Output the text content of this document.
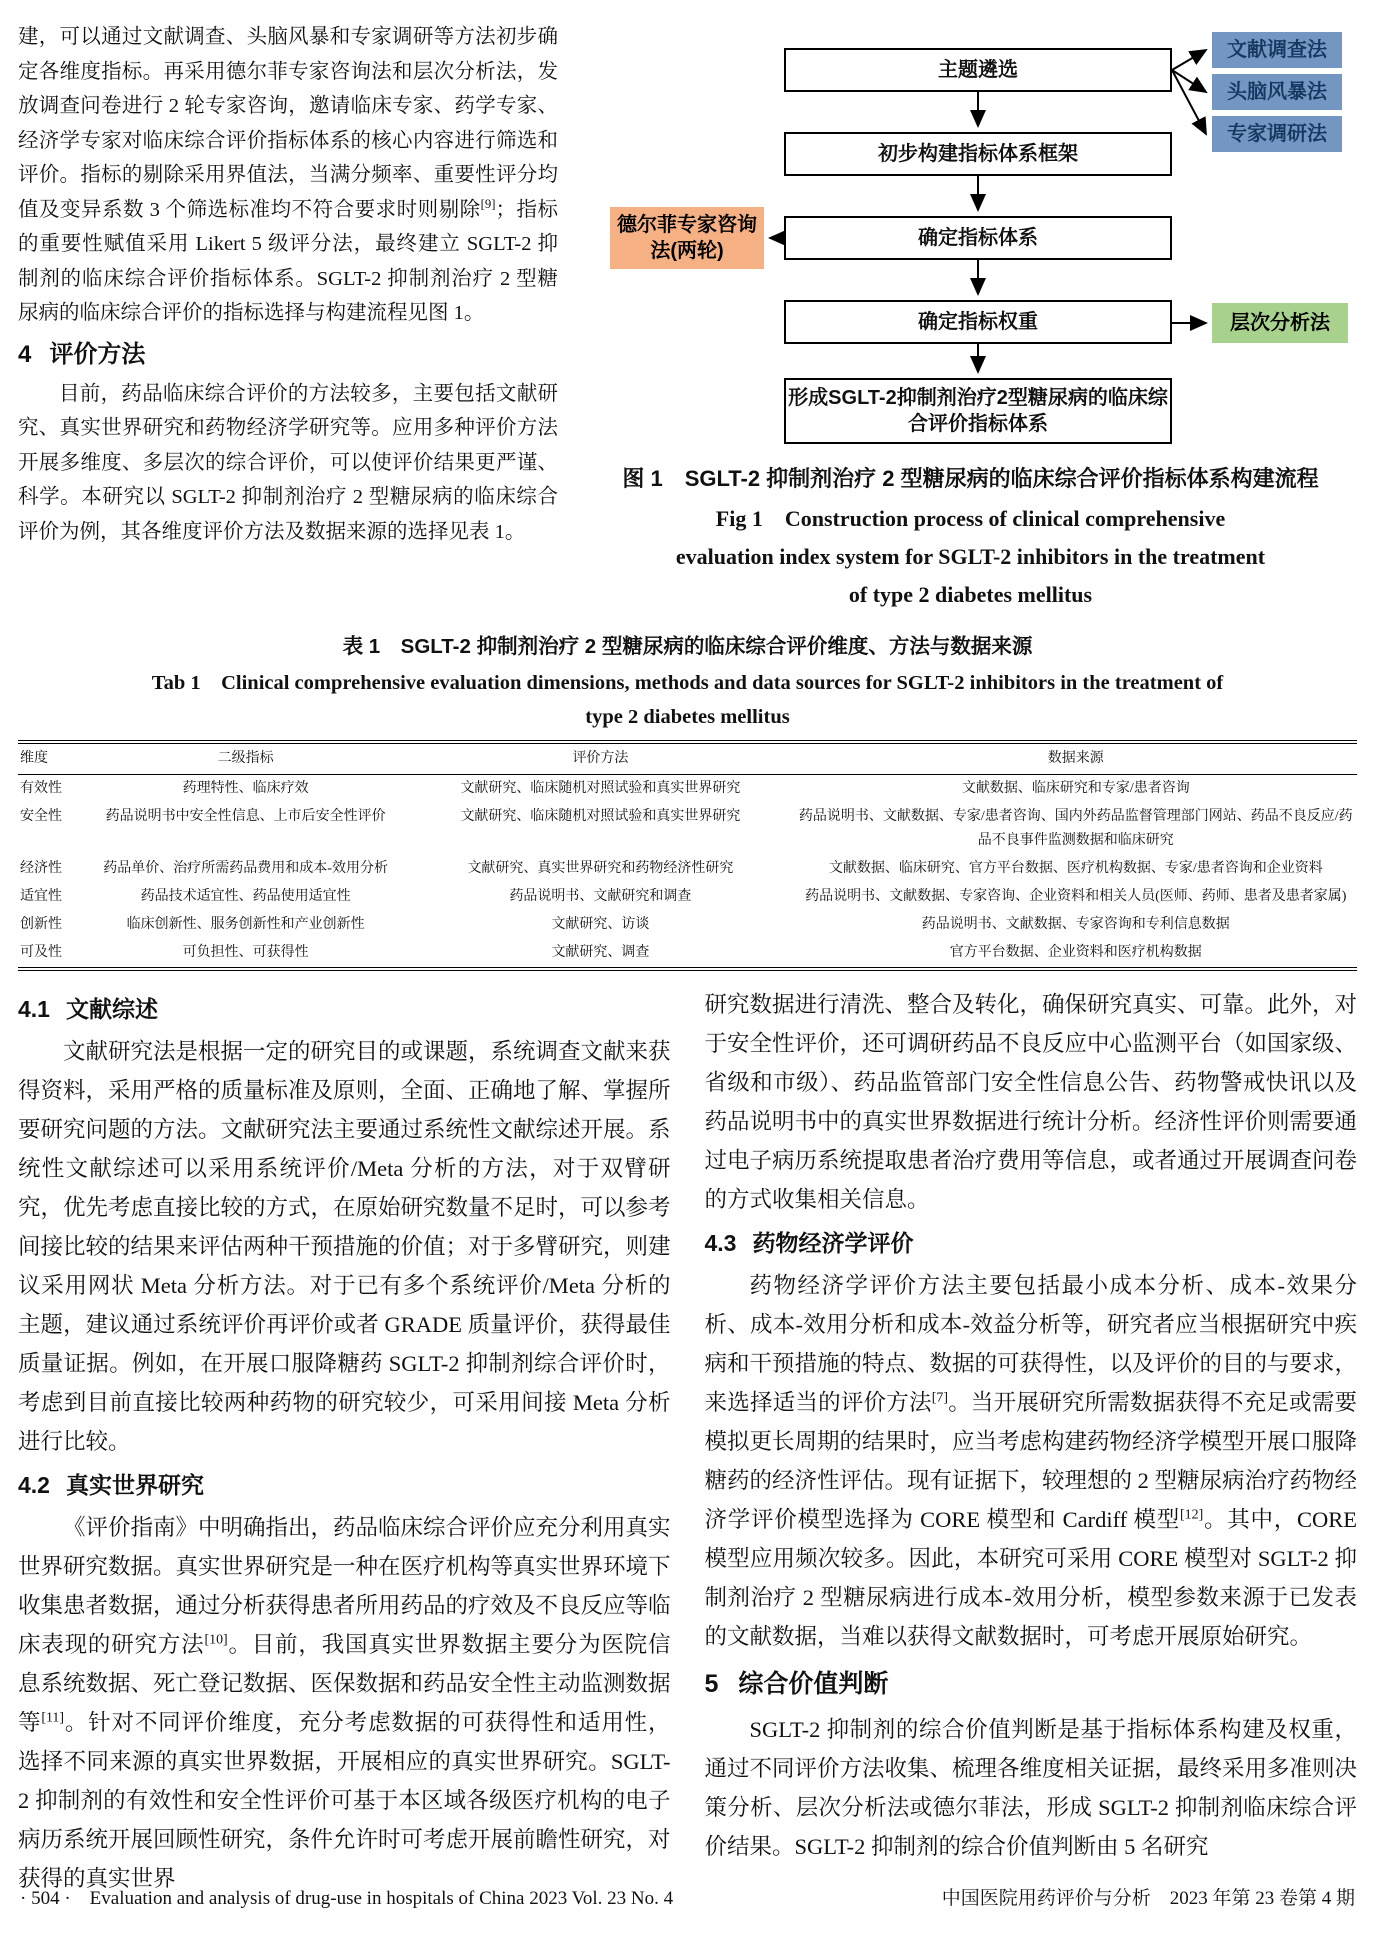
建，可以通过文献调查、头脑风暴和专家调研等方法初步确定各维度指标。再采用德尔菲专家咨询法和层次分析法，发放调查问卷进行 2 轮专家咨询，邀请临床专家、药学专家、经济学专家对临床综合评价指标体系的核心内容进行筛选和评价。指标的剔除采用界值法，当满分频率、重要性评分均值及变异系数 3 个筛选标准均不符合要求时则剔除[9]；指标的重要性赋值采用 Likert 5 级评分法，最终建立 SGLT-2 抑制剂的临床综合评价指标体系。SGLT-2 抑制剂治疗 2 型糖尿病的临床综合评价的指标选择与构建流程见图 1。

4 评价方法

目前，药品临床综合评价的方法较多，主要包括文献研究、真实世界研究和药物经济学研究等。应用多种评价方法开展多维度、多层次的综合评价，可以使评价结果更严谨、科学。本研究以 SGLT-2 抑制剂治疗 2 型糖尿病的临床综合评价为例，其各维度评价方法及数据来源的选择见表 1。

主题遴选
初步构建指标体系框架
确定指标体系
确定指标权重
形成SGLT-2抑制剂治疗2型糖尿病的临床综合评价指标体系
文献调查法
头脑风暴法
专家调研法
德尔菲专家咨询法(两轮)
层次分析法
图 1　SGLT-2 抑制剂治疗 2 型糖尿病的临床综合评价指标体系构建流程
Fig 1　Construction process of clinical comprehensive evaluation index system for SGLT-2 inhibitors in the treatment of type 2 diabetes mellitus
表 1　SGLT-2 抑制剂治疗 2 型糖尿病的临床综合评价维度、方法与数据来源
Tab 1　Clinical comprehensive evaluation dimensions, methods and data sources for SGLT-2 inhibitors in the treatment of type 2 diabetes mellitus
维度	二级指标	评价方法	数据来源
有效性	药理特性、临床疗效	文献研究、临床随机对照试验和真实世界研究	文献数据、临床研究和专家/患者咨询
安全性	药品说明书中安全性信息、上市后安全性评价	文献研究、临床随机对照试验和真实世界研究	药品说明书、文献数据、专家/患者咨询、国内外药品监督管理部门网站、药品不良反应/药品不良事件监测数据和临床研究
经济性	药品单价、治疗所需药品费用和成本-效用分析	文献研究、真实世界研究和药物经济性研究	文献数据、临床研究、官方平台数据、医疗机构数据、专家/患者咨询和企业资料
适宜性	药品技术适宜性、药品使用适宜性	药品说明书、文献研究和调查	药品说明书、文献数据、专家咨询、企业资料和相关人员(医师、药师、患者及患者家属)
创新性	临床创新性、服务创新性和产业创新性	文献研究、访谈	药品说明书、文献数据、专家咨询和专利信息数据
可及性	可负担性、可获得性	文献研究、调查	官方平台数据、企业资料和医疗机构数据
4.1 文献综述

文献研究法是根据一定的研究目的或课题，系统调查文献来获得资料，采用严格的质量标准及原则，全面、正确地了解、掌握所要研究问题的方法。文献研究法主要通过系统性文献综述开展。系统性文献综述可以采用系统评价/Meta 分析的方法，对于双臂研究，优先考虑直接比较的方式，在原始研究数量不足时，可以参考间接比较的结果来评估两种干预措施的价值；对于多臂研究，则建议采用网状 Meta 分析方法。对于已有多个系统评价/Meta 分析的主题，建议通过系统评价再评价或者 GRADE 质量评价，获得最佳质量证据。例如，在开展口服降糖药 SGLT-2 抑制剂综合评价时，考虑到目前直接比较两种药物的研究较少，可采用间接 Meta 分析进行比较。

4.2 真实世界研究

《评价指南》中明确指出，药品临床综合评价应充分利用真实世界研究数据。真实世界研究是一种在医疗机构等真实世界环境下收集患者数据，通过分析获得患者所用药品的疗效及不良反应等临床表现的研究方法[10]。目前，我国真实世界数据主要分为医院信息系统数据、死亡登记数据、医保数据和药品安全性主动监测数据等[11]。针对不同评价维度，充分考虑数据的可获得性和适用性，选择不同来源的真实世界数据，开展相应的真实世界研究。SGLT-2 抑制剂的有效性和安全性评价可基于本区域各级医疗机构的电子病历系统开展回顾性研究，条件允许时可考虑开展前瞻性研究，对获得的真实世界

研究数据进行清洗、整合及转化，确保研究真实、可靠。此外，对于安全性评价，还可调研药品不良反应中心监测平台（如国家级、省级和市级）、药品监管部门安全性信息公告、药物警戒快讯以及药品说明书中的真实世界数据进行统计分析。经济性评价则需要通过电子病历系统提取患者治疗费用等信息，或者通过开展调查问卷的方式收集相关信息。

4.3 药物经济学评价

药物经济学评价方法主要包括最小成本分析、成本-效果分析、成本-效用分析和成本-效益分析等，研究者应当根据研究中疾病和干预措施的特点、数据的可获得性，以及评价的目的与要求，来选择适当的评价方法[7]。当开展研究所需数据获得不充足或需要模拟更长周期的结果时，应当考虑构建药物经济学模型开展口服降糖药的经济性评估。现有证据下，较理想的 2 型糖尿病治疗药物经济学评价模型选择为 CORE 模型和 Cardiff 模型[12]。其中，CORE 模型应用频次较多。因此，本研究可采用 CORE 模型对 SGLT-2 抑制剂治疗 2 型糖尿病进行成本-效用分析，模型参数来源于已发表的文献数据，当难以获得文献数据时，可考虑开展原始研究。

5 综合价值判断

SGLT-2 抑制剂的综合价值判断是基于指标体系构建及权重，通过不同评价方法收集、梳理各维度相关证据，最终采用多准则决策分析、层次分析法或德尔菲法，形成 SGLT-2 抑制剂临床综合评价结果。SGLT-2 抑制剂的综合价值判断由 5 名研究

· 504 ·　Evaluation and analysis of drug-use in hospitals of China 2023 Vol. 23 No. 4	中国医院用药评价与分析　2023 年第 23 卷第 4 期
